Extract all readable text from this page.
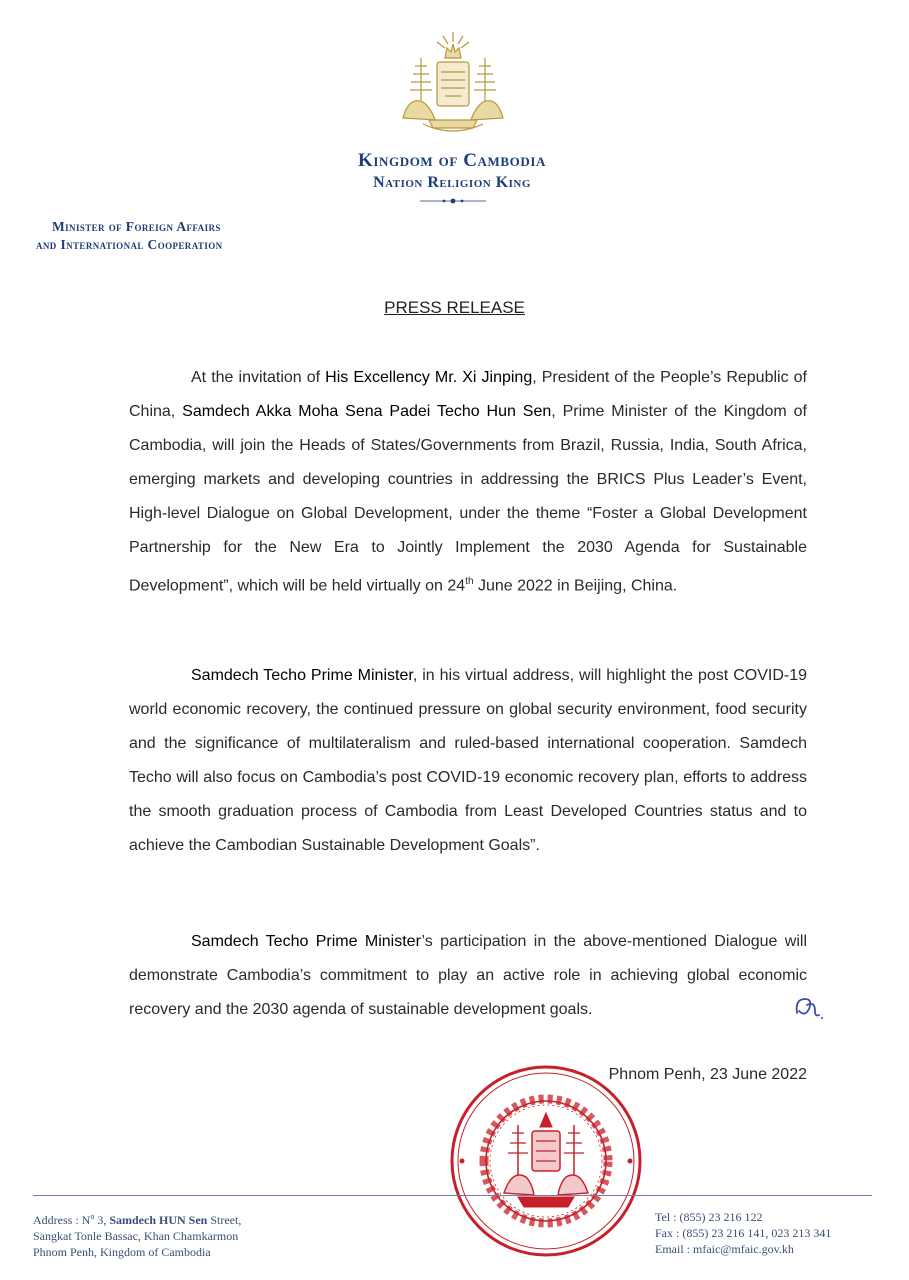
Kingdom of Cambodia
Nation Religion King
Minister of Foreign Affairs
and International Cooperation
PRESS RELEASE
At the invitation of His Excellency Mr. Xi Jinping, President of the People’s Republic of China, Samdech Akka Moha Sena Padei Techo Hun Sen, Prime Minister of the Kingdom of Cambodia, will join the Heads of States/Governments from Brazil, Russia, India, South Africa, emerging markets and developing countries in addressing the BRICS Plus Leader’s Event, High-level Dialogue on Global Development, under the theme “Foster a Global Development Partnership for the New Era to Jointly Implement the 2030 Agenda for Sustainable Development”, which will be held virtually on 24th June 2022 in Beijing, China.
Samdech Techo Prime Minister, in his virtual address, will highlight the post COVID-19 world economic recovery, the continued pressure on global security environment, food security and the significance of multilateralism and ruled-based international cooperation. Samdech Techo will also focus on Cambodia’s post COVID-19 economic recovery plan, efforts to address the smooth graduation process of Cambodia from Least Developed Countries status and to achieve the Cambodian Sustainable Development Goals”.
Samdech Techo Prime Minister’s participation in the above-mentioned Dialogue will demonstrate Cambodia’s commitment to play an active role in achieving global economic recovery and the 2030 agenda of sustainable development goals.
Phnom Penh, 23 June 2022
Address : $N^o$ 3, Samdech HUN Sen Street,
Sangkat Tonle Bassac, Khan Chamkarmon
Phnom Penh, Kingdom of Cambodia
Tel : (855) 23 216 122
Fax : (855) 23 216 141, 023 213 341
Email : mfaic@mfaic.gov.kh
